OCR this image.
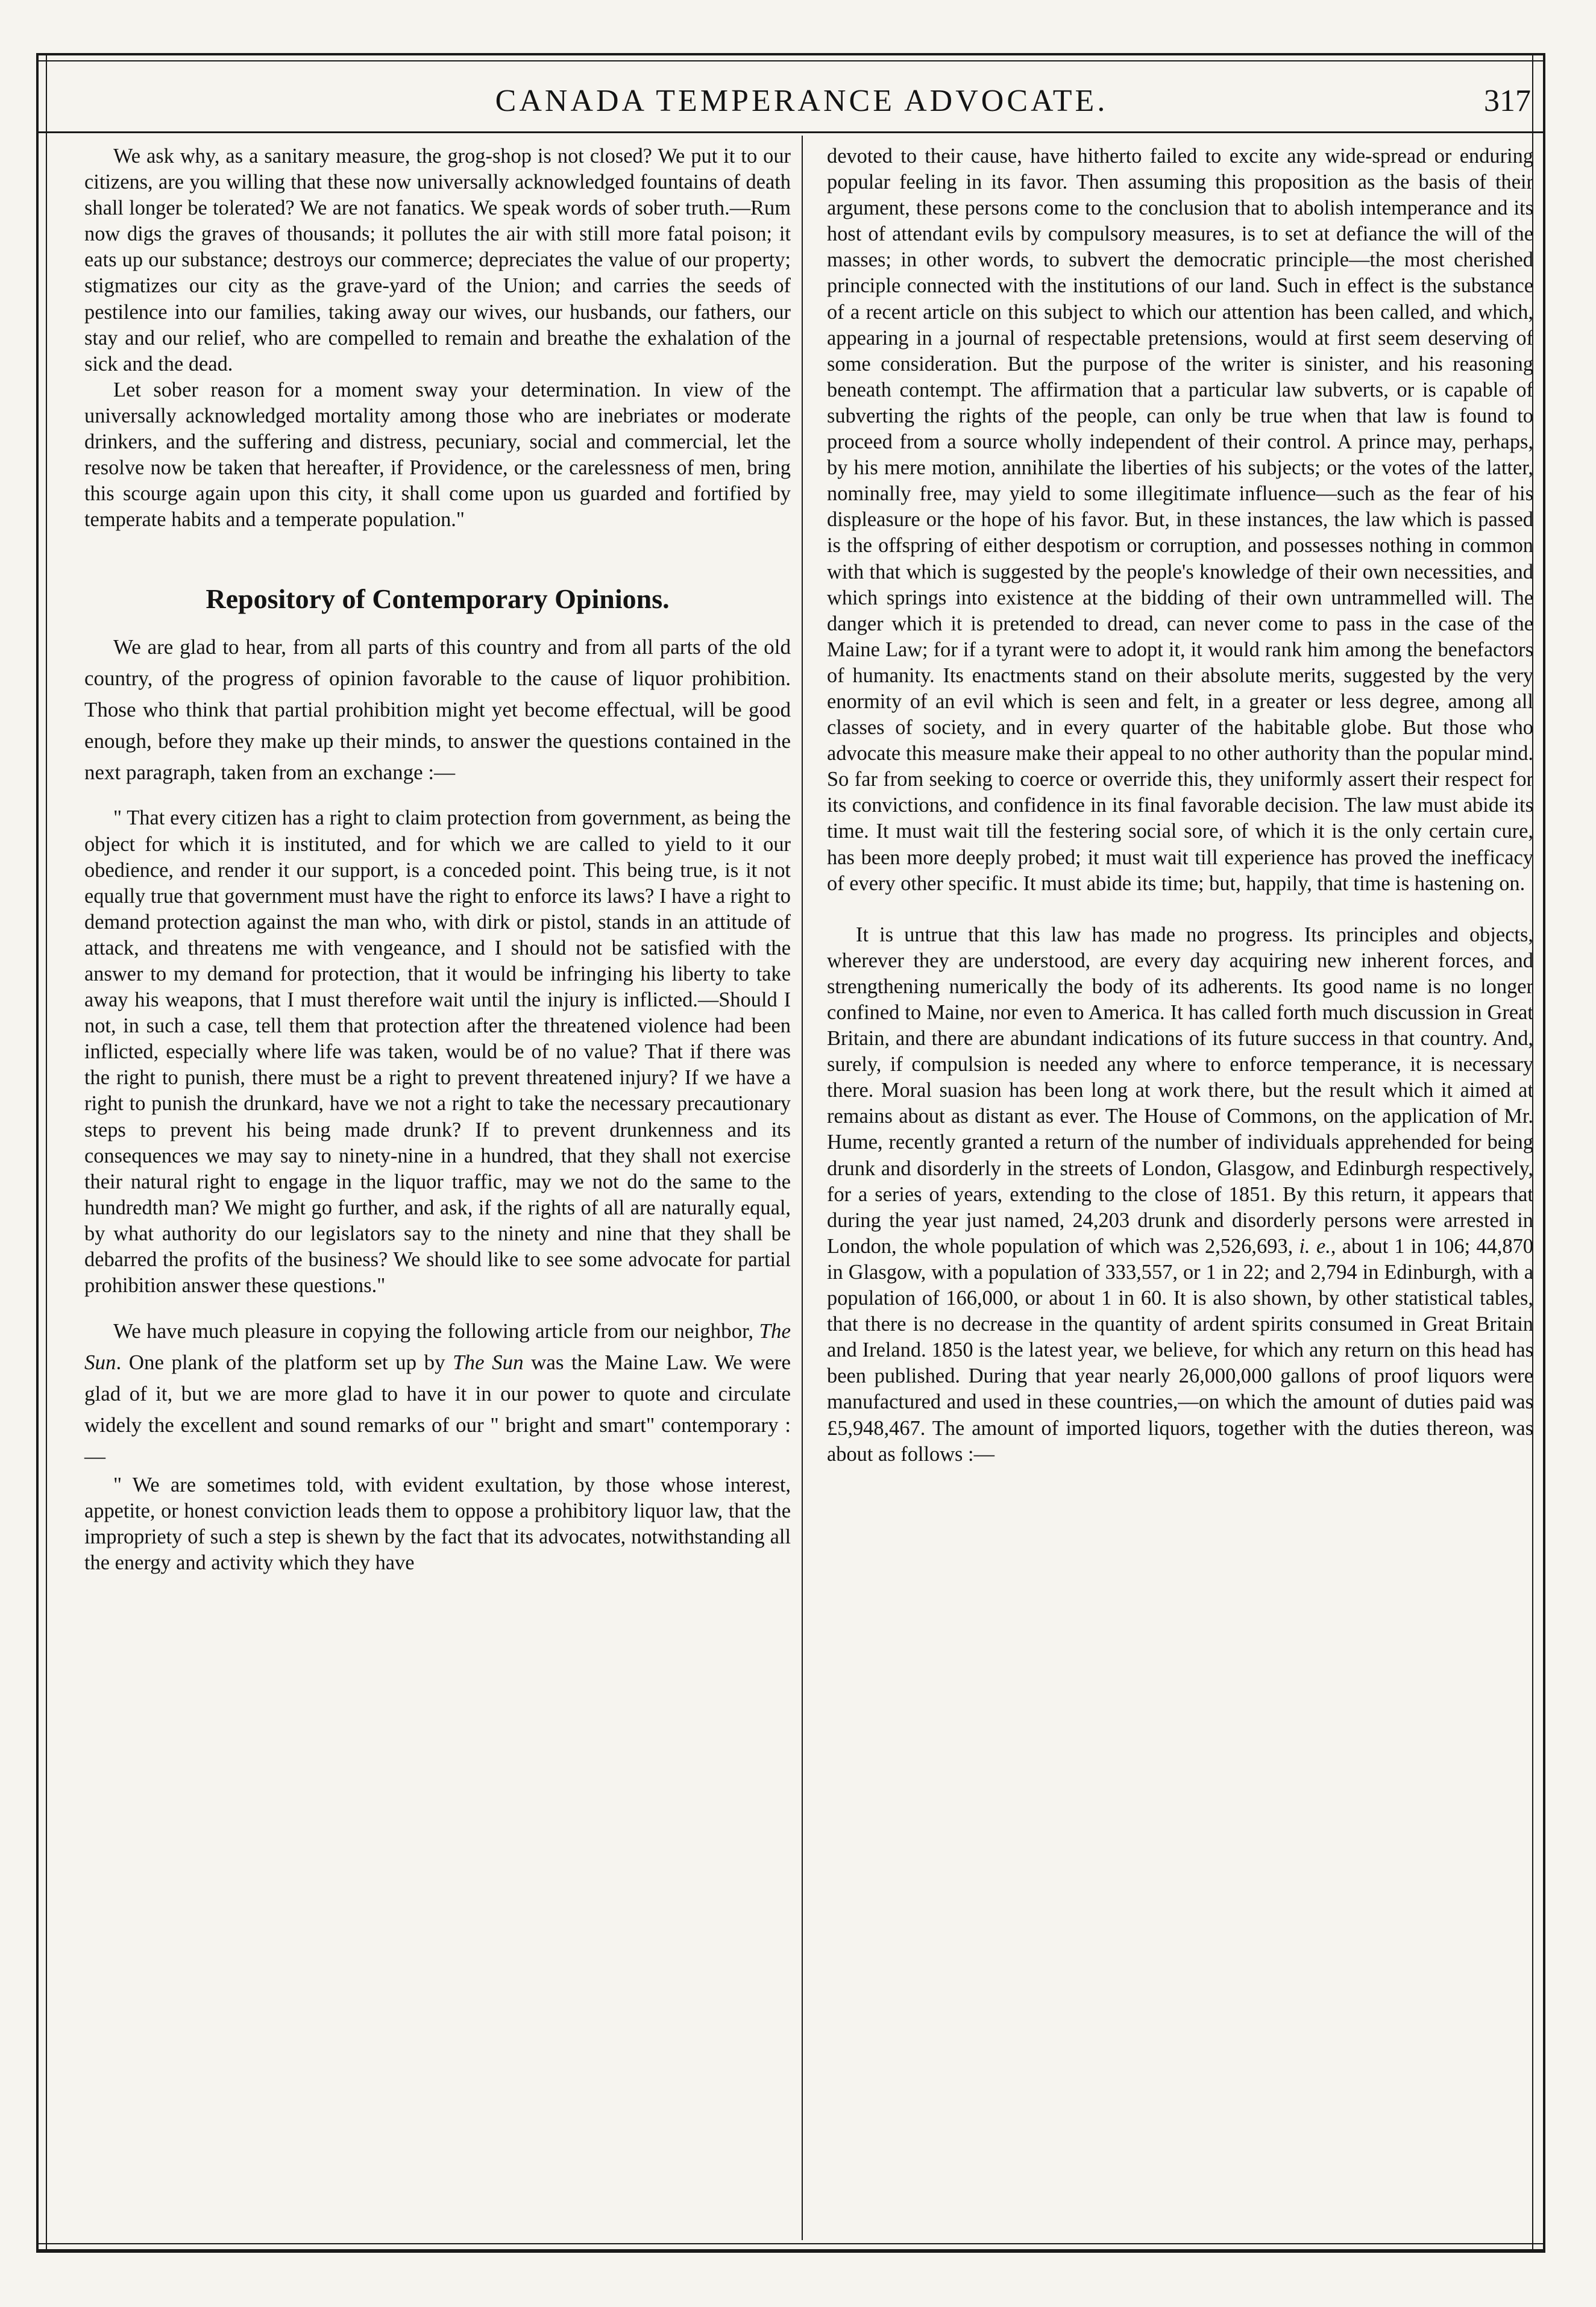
CANADA TEMPERANCE ADVOCATE.	317

We ask why, as a sanitary measure, the grog-shop is not closed? We put it to our citizens, are you willing that these now universally acknowledged fountains of death shall longer be tolerated? We are not fanatics. We speak words of sober truth.—Rum now digs the graves of thousands; it pollutes the air with still more fatal poison; it eats up our substance; destroys our commerce; depreciates the value of our property; stigmatizes our city as the grave-yard of the Union; and carries the seeds of pestilence into our families, taking away our wives, our husbands, our fathers, our stay and our relief, who are compelled to remain and breathe the exhalation of the sick and the dead.

Let sober reason for a moment sway your determination. In view of the universally acknowledged mortality among those who are inebriates or moderate drinkers, and the suffering and distress, pecuniary, social and commercial, let the resolve now be taken that hereafter, if Providence, or the carelessness of men, bring this scourge again upon this city, it shall come upon us guarded and fortified by temperate habits and a temperate population."

Repository of Contemporary Opinions.

We are glad to hear, from all parts of this country and from all parts of the old country, of the progress of opinion favorable to the cause of liquor prohibition. Those who think that partial prohibition might yet become effectual, will be good enough, before they make up their minds, to answer the questions contained in the next paragraph, taken from an exchange :—

" That every citizen has a right to claim protection from government, as being the object for which it is instituted, and for which we are called to yield to it our obedience, and render it our support, is a conceded point. This being true, is it not equally true that government must have the right to enforce its laws? I have a right to demand protection against the man who, with dirk or pistol, stands in an attitude of attack, and threatens me with vengeance, and I should not be satisfied with the answer to my demand for protection, that it would be infringing his liberty to take away his weapons, that I must therefore wait until the injury is inflicted.—Should I not, in such a case, tell them that protection after the threatened violence had been inflicted, especially where life was taken, would be of no value? That if there was the right to punish, there must be a right to prevent threatened injury? If we have a right to punish the drunkard, have we not a right to take the necessary precautionary steps to prevent his being made drunk? If to prevent drunkenness and its consequences we may say to ninety-nine in a hundred, that they shall not exercise their natural right to engage in the liquor traffic, may we not do the same to the hundredth man? We might go further, and ask, if the rights of all are naturally equal, by what authority do our legislators say to the ninety and nine that they shall be debarred the profits of the business? We should like to see some advocate for partial prohibition answer these questions."

We have much pleasure in copying the following article from our neighbor, The Sun. One plank of the platform set up by The Sun was the Maine Law. We were glad of it, but we are more glad to have it in our power to quote and circulate widely the excellent and sound remarks of our " bright and smart" contemporary :—

" We are sometimes told, with evident exultation, by those whose interest, appetite, or honest conviction leads them to oppose a prohibitory liquor law, that the impropriety of such a step is shewn by the fact that its advocates, notwithstanding all the energy and activity which they have

devoted to their cause, have hitherto failed to excite any wide-spread or enduring popular feeling in its favor. Then assuming this proposition as the basis of their argument, these persons come to the conclusion that to abolish intemperance and its host of attendant evils by compulsory measures, is to set at defiance the will of the masses; in other words, to subvert the democratic principle—the most cherished principle connected with the institutions of our land. Such in effect is the substance of a recent article on this subject to which our attention has been called, and which, appearing in a journal of respectable pretensions, would at first seem deserving of some consideration. But the purpose of the writer is sinister, and his reasoning beneath contempt. The affirmation that a particular law subverts, or is capable of subverting the rights of the people, can only be true when that law is found to proceed from a source wholly independent of their control. A prince may, perhaps, by his mere motion, annihilate the liberties of his subjects; or the votes of the latter, nominally free, may yield to some illegitimate influence—such as the fear of his displeasure or the hope of his favor. But, in these instances, the law which is passed is the offspring of either despotism or corruption, and possesses nothing in common with that which is suggested by the people's knowledge of their own necessities, and which springs into existence at the bidding of their own untrammelled will. The danger which it is pretended to dread, can never come to pass in the case of the Maine Law; for if a tyrant were to adopt it, it would rank him among the benefactors of humanity. Its enactments stand on their absolute merits, suggested by the very enormity of an evil which is seen and felt, in a greater or less degree, among all classes of society, and in every quarter of the habitable globe. But those who advocate this measure make their appeal to no other authority than the popular mind. So far from seeking to coerce or override this, they uniformly assert their respect for its convictions, and confidence in its final favorable decision. The law must abide its time. It must wait till the festering social sore, of which it is the only certain cure, has been more deeply probed; it must wait till experience has proved the inefficacy of every other specific. It must abide its time; but, happily, that time is hastening on.

It is untrue that this law has made no progress. Its principles and objects, wherever they are understood, are every day acquiring new inherent forces, and strengthening numerically the body of its adherents. Its good name is no longer confined to Maine, nor even to America. It has called forth much discussion in Great Britain, and there are abundant indications of its future success in that country. And, surely, if compulsion is needed any where to enforce temperance, it is necessary there. Moral suasion has been long at work there, but the result which it aimed at remains about as distant as ever. The House of Commons, on the application of Mr. Hume, recently granted a return of the number of individuals apprehended for being drunk and disorderly in the streets of London, Glasgow, and Edinburgh respectively, for a series of years, extending to the close of 1851. By this return, it appears that during the year just named, 24,203 drunk and disorderly persons were arrested in London, the whole population of which was 2,526,693, i. e., about 1 in 106; 44,870 in Glasgow, with a population of 333,557, or 1 in 22; and 2,794 in Edinburgh, with a population of 166,000, or about 1 in 60. It is also shown, by other statistical tables, that there is no decrease in the quantity of ardent spirits consumed in Great Britain and Ireland. 1850 is the latest year, we believe, for which any return on this head has been published. During that year nearly 26,000,000 gallons of proof liquors were manufactured and used in these countries,—on which the amount of duties paid was £5,948,467. The amount of imported liquors, together with the duties thereon, was about as follows :—
